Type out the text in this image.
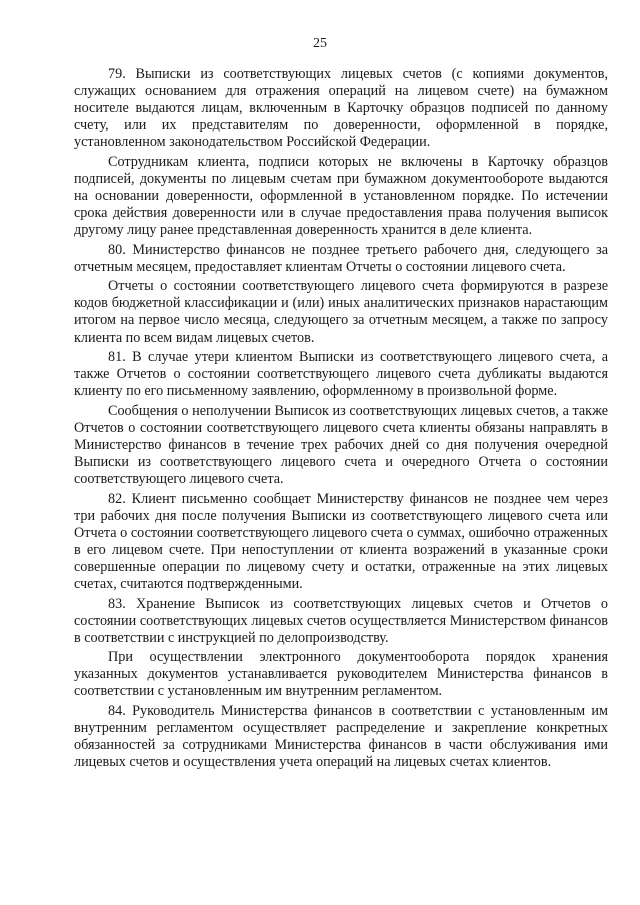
25

79. Выписки из соответствующих лицевых счетов (с копиями документов, служащих основанием для отражения операций на лицевом счете) на бумажном носителе выдаются лицам, включенным в Карточку образцов подписей по данному счету, или их представителям по доверенности, оформленной в порядке, установленном законодательством Российской Федерации.

Сотрудникам клиента, подписи которых не включены в Карточку образцов подписей, документы по лицевым счетам при бумажном документообороте выдаются на основании доверенности, оформленной в установленном порядке. По истечении срока действия доверенности или в случае предоставления права получения выписок другому лицу ранее представленная доверенность хранится в деле клиента.

80. Министерство финансов не позднее третьего рабочего дня, следующего за отчетным месяцем, предоставляет клиентам Отчеты о состоянии лицевого счета.

Отчеты о состоянии соответствующего лицевого счета формируются в разрезе кодов бюджетной классификации и (или) иных аналитических признаков нарастающим итогом на первое число месяца, следующего за отчетным месяцем, а также по запросу клиента по всем видам лицевых счетов.

81. В случае утери клиентом Выписки из соответствующего лицевого счета, а также Отчетов о состоянии соответствующего лицевого счета дубликаты выдаются клиенту по его письменному заявлению, оформленному в произвольной форме.

Сообщения о неполучении Выписок из соответствующих лицевых счетов, а также Отчетов о состоянии соответствующего лицевого счета клиенты обязаны направлять в Министерство финансов в течение трех рабочих дней со дня получения очередной Выписки из соответствующего лицевого счета и очередного Отчета о состоянии соответствующего лицевого счета.

82. Клиент письменно сообщает Министерству финансов не позднее чем через три рабочих дня после получения Выписки из соответствующего лицевого счета или Отчета о состоянии соответствующего лицевого счета о суммах, ошибочно отраженных в его лицевом счете. При непоступлении от клиента возражений в указанные сроки совершенные операции по лицевому счету и остатки, отраженные на этих лицевых счетах, считаются подтвержденными.

83. Хранение Выписок из соответствующих лицевых счетов и Отчетов о состоянии соответствующих лицевых счетов осуществляется Министерством финансов в соответствии с инструкцией по делопроизводству.

При осуществлении электронного документооборота порядок хранения указанных документов устанавливается руководителем Министерства финансов в соответствии с установленным им внутренним регламентом.

84. Руководитель Министерства финансов в соответствии с установленным им внутренним регламентом осуществляет распределение и закрепление конкретных обязанностей за сотрудниками Министерства финансов в части обслуживания ими лицевых счетов и осуществления учета операций на лицевых счетах клиентов.
